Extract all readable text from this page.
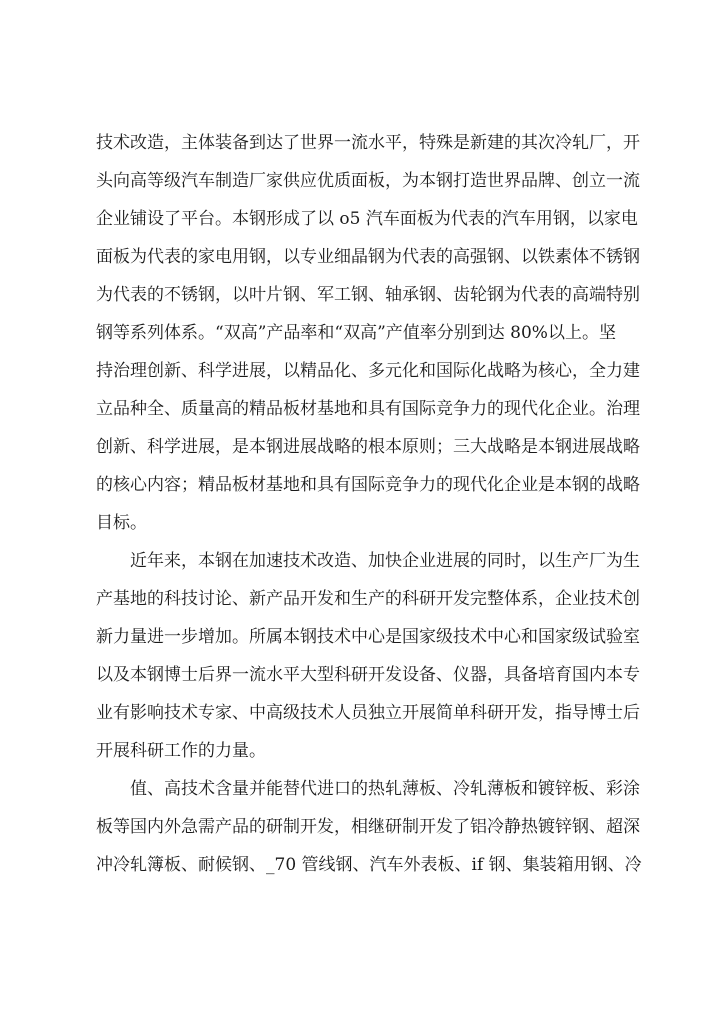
技术改造，主体装备到达了世界一流水平，特殊是新建的其次冷轧厂，开
头向高等级汽车制造厂家供应优质面板，为本钢打造世界品牌、创立一流
企业铺设了平台。本钢形成了以 o5 汽车面板为代表的汽车用钢，以家电
面板为代表的家电用钢，以专业细晶钢为代表的高强钢、以铁素体不锈钢
为代表的不锈钢，以叶片钢、军工钢、轴承钢、齿轮钢为代表的高端特别
钢等系列体系。“双高”产品率和“双高”产值率分别到达 80%以上。坚
持治理创新、科学进展，以精品化、多元化和国际化战略为核心，全力建
立品种全、质量高的精品板材基地和具有国际竞争力的现代化企业。治理
创新、科学进展，是本钢进展战略的根本原则；三大战略是本钢进展战略
的核心内容；精品板材基地和具有国际竞争力的现代化企业是本钢的战略
目标。
近年来，本钢在加速技术改造、加快企业进展的同时，以生产厂为生
产基地的科技讨论、新产品开发和生产的科研开发完整体系，企业技术创
新力量进一步增加。所属本钢技术中心是国家级技术中心和国家级试验室
以及本钢博士后界一流水平大型科研开发设备、仪器，具备培育国内本专
业有影响技术专家、中高级技术人员独立开展简单科研开发，指导博士后
开展科研工作的力量。
值、高技术含量并能替代进口的热轧薄板、冷轧薄板和镀锌板、彩涂
板等国内外急需产品的研制开发，相继研制开发了铝冷静热镀锌钢、超深
冲冷轧簿板、耐候钢、_70 管线钢、汽车外表板、if 钢、集装箱用钢、冷
